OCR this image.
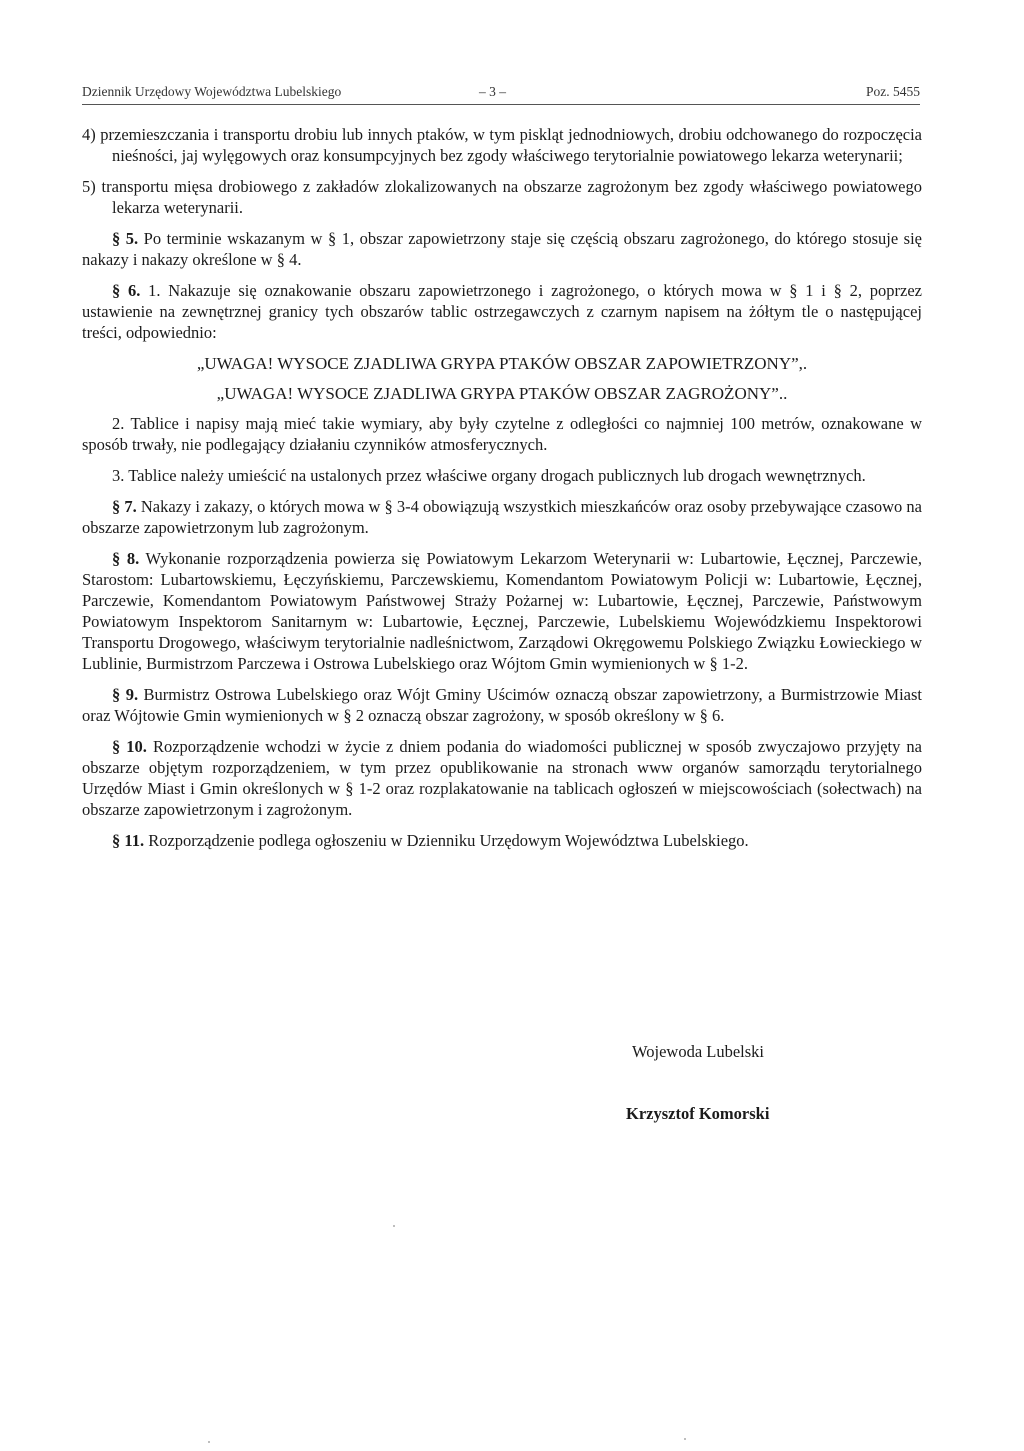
Dziennik Urzędowy Województwa Lubelskiego	– 3 –	Poz. 5455

4) przemieszczania i transportu drobiu lub innych ptaków, w tym piskląt jednodniowych, drobiu odchowanego do rozpoczęcia nieśności, jaj wylęgowych oraz konsumpcyjnych bez zgody właściwego terytorialnie powiatowego lekarza weterynarii;

5) transportu mięsa drobiowego z zakładów zlokalizowanych na obszarze zagrożonym bez zgody właściwego powiatowego lekarza weterynarii.

§ 5. Po terminie wskazanym w § 1, obszar zapowietrzony staje się częścią obszaru zagrożonego, do którego stosuje się nakazy i nakazy określone w § 4.

§ 6. 1. Nakazuje się oznakowanie obszaru zapowietrzonego i zagrożonego, o których mowa w § 1 i § 2, poprzez ustawienie na zewnętrznej granicy tych obszarów tablic ostrzegawczych z czarnym napisem na żółtym tle o następującej treści, odpowiednio:

„UWAGA! WYSOCE ZJADLIWA GRYPA PTAKÓW OBSZAR ZAPOWIETRZONY”,.

„UWAGA! WYSOCE ZJADLIWA GRYPA PTAKÓW OBSZAR ZAGROŻONY”..

2. Tablice i napisy mają mieć takie wymiary, aby były czytelne z odległości co najmniej 100 metrów, oznakowane w sposób trwały, nie podlegający działaniu czynników atmosferycznych.

3. Tablice należy umieścić na ustalonych przez właściwe organy drogach publicznych lub drogach wewnętrznych.

§ 7. Nakazy i zakazy, o których mowa w § 3-4 obowiązują wszystkich mieszkańców oraz osoby przebywające czasowo na obszarze zapowietrzonym lub zagrożonym.

§ 8. Wykonanie rozporządzenia powierza się Powiatowym Lekarzom Weterynarii w: Lubartowie, Łęcznej, Parczewie, Starostom: Lubartowskiemu, Łęczyńskiemu, Parczewskiemu, Komendantom Powiatowym Policji w: Lubartowie, Łęcznej, Parczewie, Komendantom Powiatowym Państwowej Straży Pożarnej w: Lubartowie, Łęcznej, Parczewie, Państwowym Powiatowym Inspektorom Sanitarnym w: Lubartowie, Łęcznej, Parczewie, Lubelskiemu Wojewódzkiemu Inspektorowi Transportu Drogowego, właściwym terytorialnie nadleśnictwom, Zarządowi Okręgowemu Polskiego Związku Łowieckiego w Lublinie, Burmistrzom Parczewa i Ostrowa Lubelskiego oraz Wójtom Gmin wymienionych w § 1-2.

§ 9. Burmistrz Ostrowa Lubelskiego oraz Wójt Gminy Uścimów oznaczą obszar zapowietrzony, a Burmistrzowie Miast oraz Wójtowie Gmin wymienionych w § 2 oznaczą obszar zagrożony, w sposób określony w § 6.

§ 10. Rozporządzenie wchodzi w życie z dniem podania do wiadomości publicznej w sposób zwyczajowo przyjęty na obszarze objętym rozporządzeniem, w tym przez opublikowanie na stronach www organów samorządu terytorialnego Urzędów Miast i Gmin określonych w § 1-2 oraz rozplakatowanie na tablicach ogłoszeń w miejscowościach (sołectwach) na obszarze zapowietrzonym i zagrożonym.

§ 11. Rozporządzenie podlega ogłoszeniu w Dzienniku Urzędowym Województwa Lubelskiego.

Wojewoda Lubelski
Krzysztof Komorski
